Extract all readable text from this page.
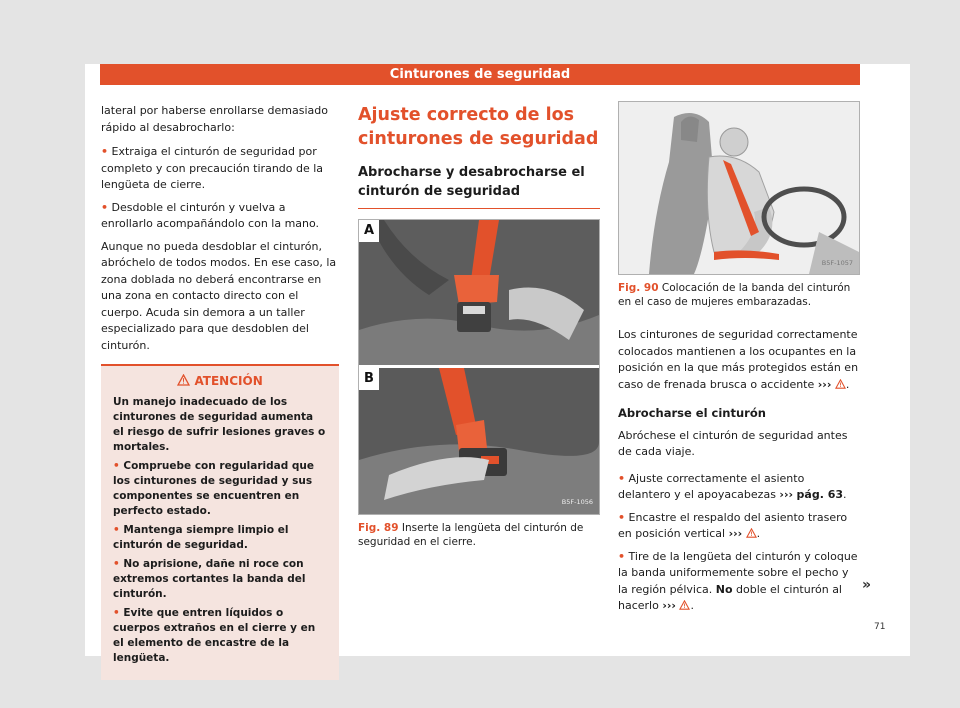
Cinturones de seguridad

lateral por haberse enrollarse demasiado rápido al desabrocharlo:

• Extraiga el cinturón de seguridad por completo y con precaución tirando de la lengüeta de cierre.

• Desdoble el cinturón y vuelva a enrollarlo acompañándolo con la mano.

Aunque no pueda desdoblar el cinturón, abróchelo de todos modos. En ese caso, la zona doblada no deberá encontrarse en una zona en contacto directo con el cuerpo. Acuda sin demora a un taller especializado para que desdoblen del cinturón.

ATENCIÓN

Un manejo inadecuado de los cinturones de seguridad aumenta el riesgo de sufrir lesiones graves o mortales.

• Compruebe con regularidad que los cinturones de seguridad y sus componentes se encuentren en perfecto estado.

• Mantenga siempre limpio el cinturón de seguridad.

• No aprisione, dañe ni roce con extremos cortantes la banda del cinturón.

• Evite que entren líquidos o cuerpos extraños en el cierre y en el elemento de encastre de la lengüeta.

Ajuste correcto de los cinturones de seguridad
Abrocharse y desabrocharse el cinturón de seguridad
A
B
B5F-1056
Fig. 89 Inserte la lengüeta del cinturón de seguridad en el cierre.
B5F-1057
Fig. 90 Colocación de la banda del cinturón en el caso de mujeres embarazadas.

Los cinturones de seguridad correctamente colocados mantienen a los ocupantes en la posición en la que más protegidos están en caso de frenada brusca o accidente ››› .

Abrocharse el cinturón

Abróchese el cinturón de seguridad antes de cada viaje.

• Ajuste correctamente el asiento delantero y el apoyacabezas ››› pág. 63.

• Encastre el respaldo del asiento trasero en posición vertical ››› .

• Tire de la lengüeta del cinturón y coloque la banda uniformemente sobre el pecho y la región pélvica. No doble el cinturón al hacerlo ››› .

»
71
